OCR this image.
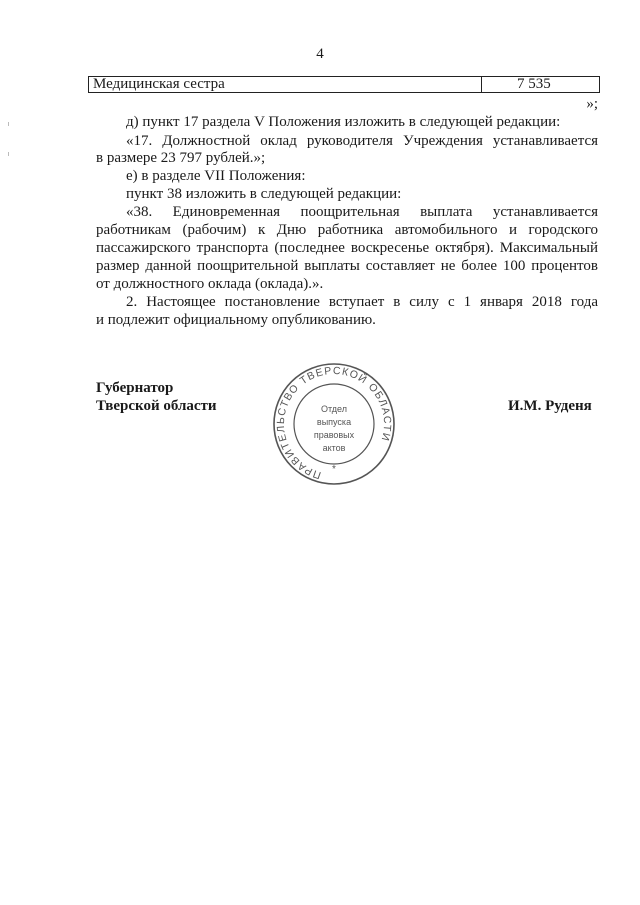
4
Медицинская сестра	7 535
»;
д) пункт 17 раздела V Положения изложить в следующей редакции:
«17. Должностной оклад руководителя Учреждения устанавливается
в размере 23 797 рублей.»;
е) в разделе VII Положения:
пункт 38 изложить в следующей редакции:
«38. Единовременная поощрительная выплата устанавливается
работникам (рабочим) к Дню работника автомобильного и городского
пассажирского транспорта (последнее воскресенье октября). Максимальный
размер данной поощрительной выплаты составляет не более 100 процентов
от должностного оклада (оклада).».
2. Настоящее постановление вступает в силу с 1 января 2018 года
и подлежит официальному опубликованию.
Губернатор
Тверской области	И.М. Руденя
ПРАВИТЕЛЬСТВО ТВЕРСКОЙ ОБЛАСТИ
*
Отдел
выпуска
правовых
актов
